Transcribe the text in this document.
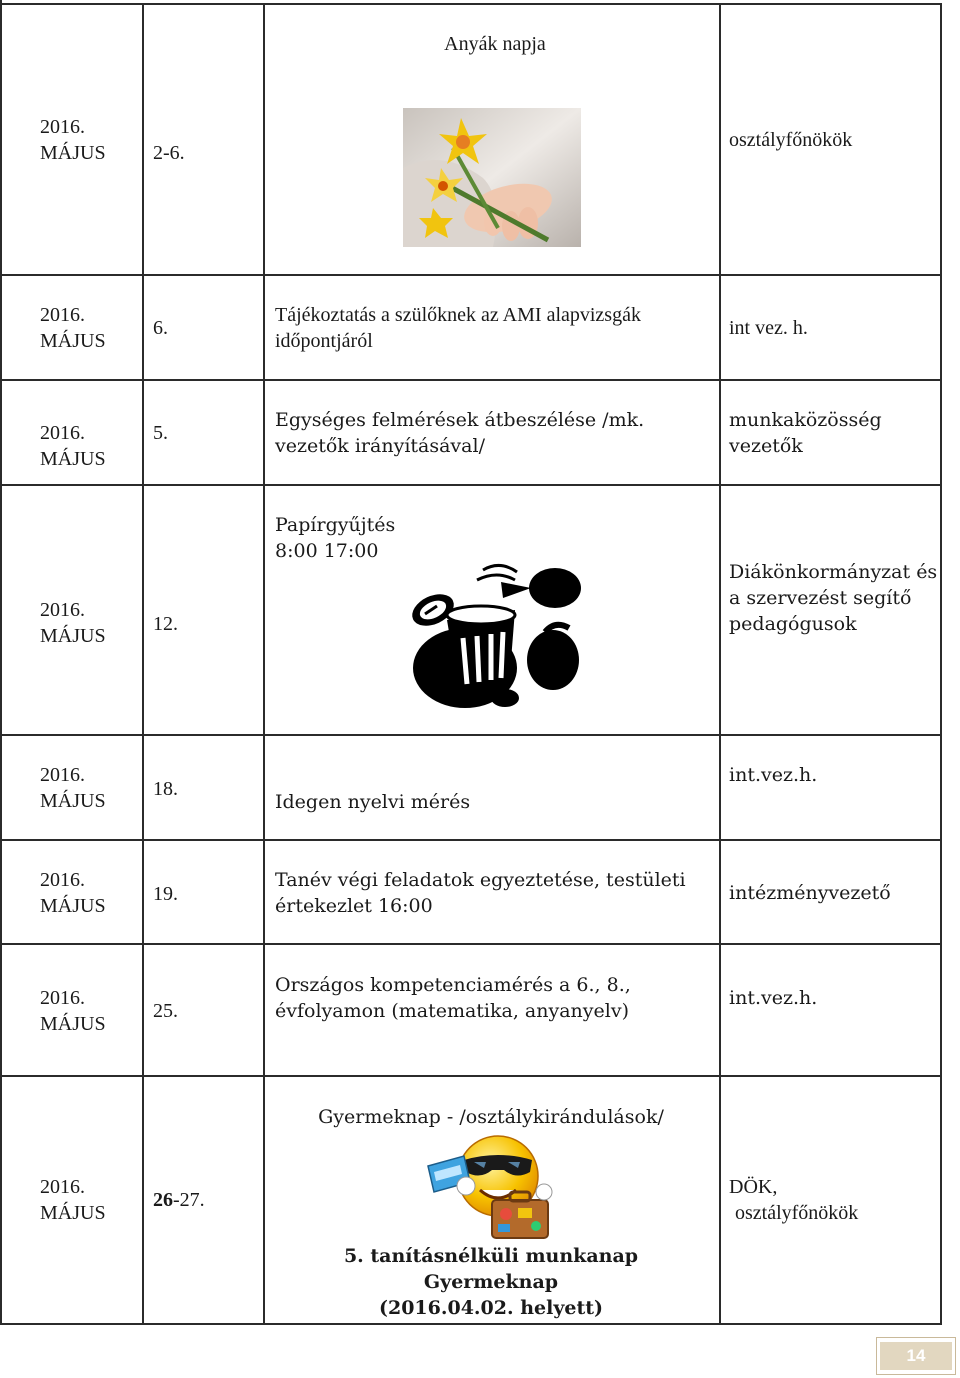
2016.
MÁJUS 2-6.
Anyák napja
osztályfőnökök
2016.
MÁJUS
6.
Tájékoztatás a szülőknek az AMI alapvizsgák időpontjáról
int vez. h.
2016.
MÁJUS
5.
Egységes felmérések átbeszélése /mk. vezetők irányításával/
munkaközösség vezetők
2016.
MÁJUS
12.
Papírgyűjtés
8:00 17:00
Diákönkormányzat és a szervezést segítő pedagógusok
2016.
MÁJUS
18.
Idegen nyelvi mérés
int.vez.h.
2016.
MÁJUS
19.
Tanév végi feladatok egyeztetése, testületi értekezlet 16:00
intézményvezető
2016.
MÁJUS
25.
Országos kompetenciamérés a 6., 8., évfolyamon (matematika, anyanyelv)
int.vez.h.
2016.
MÁJUS
26-27.
Gyermeknap - /osztálykirándulások/
5. tanításnélküli munkanap
Gyermeknap
(2016.04.02. helyett)
DÖK,
osztályfőnökök
14
